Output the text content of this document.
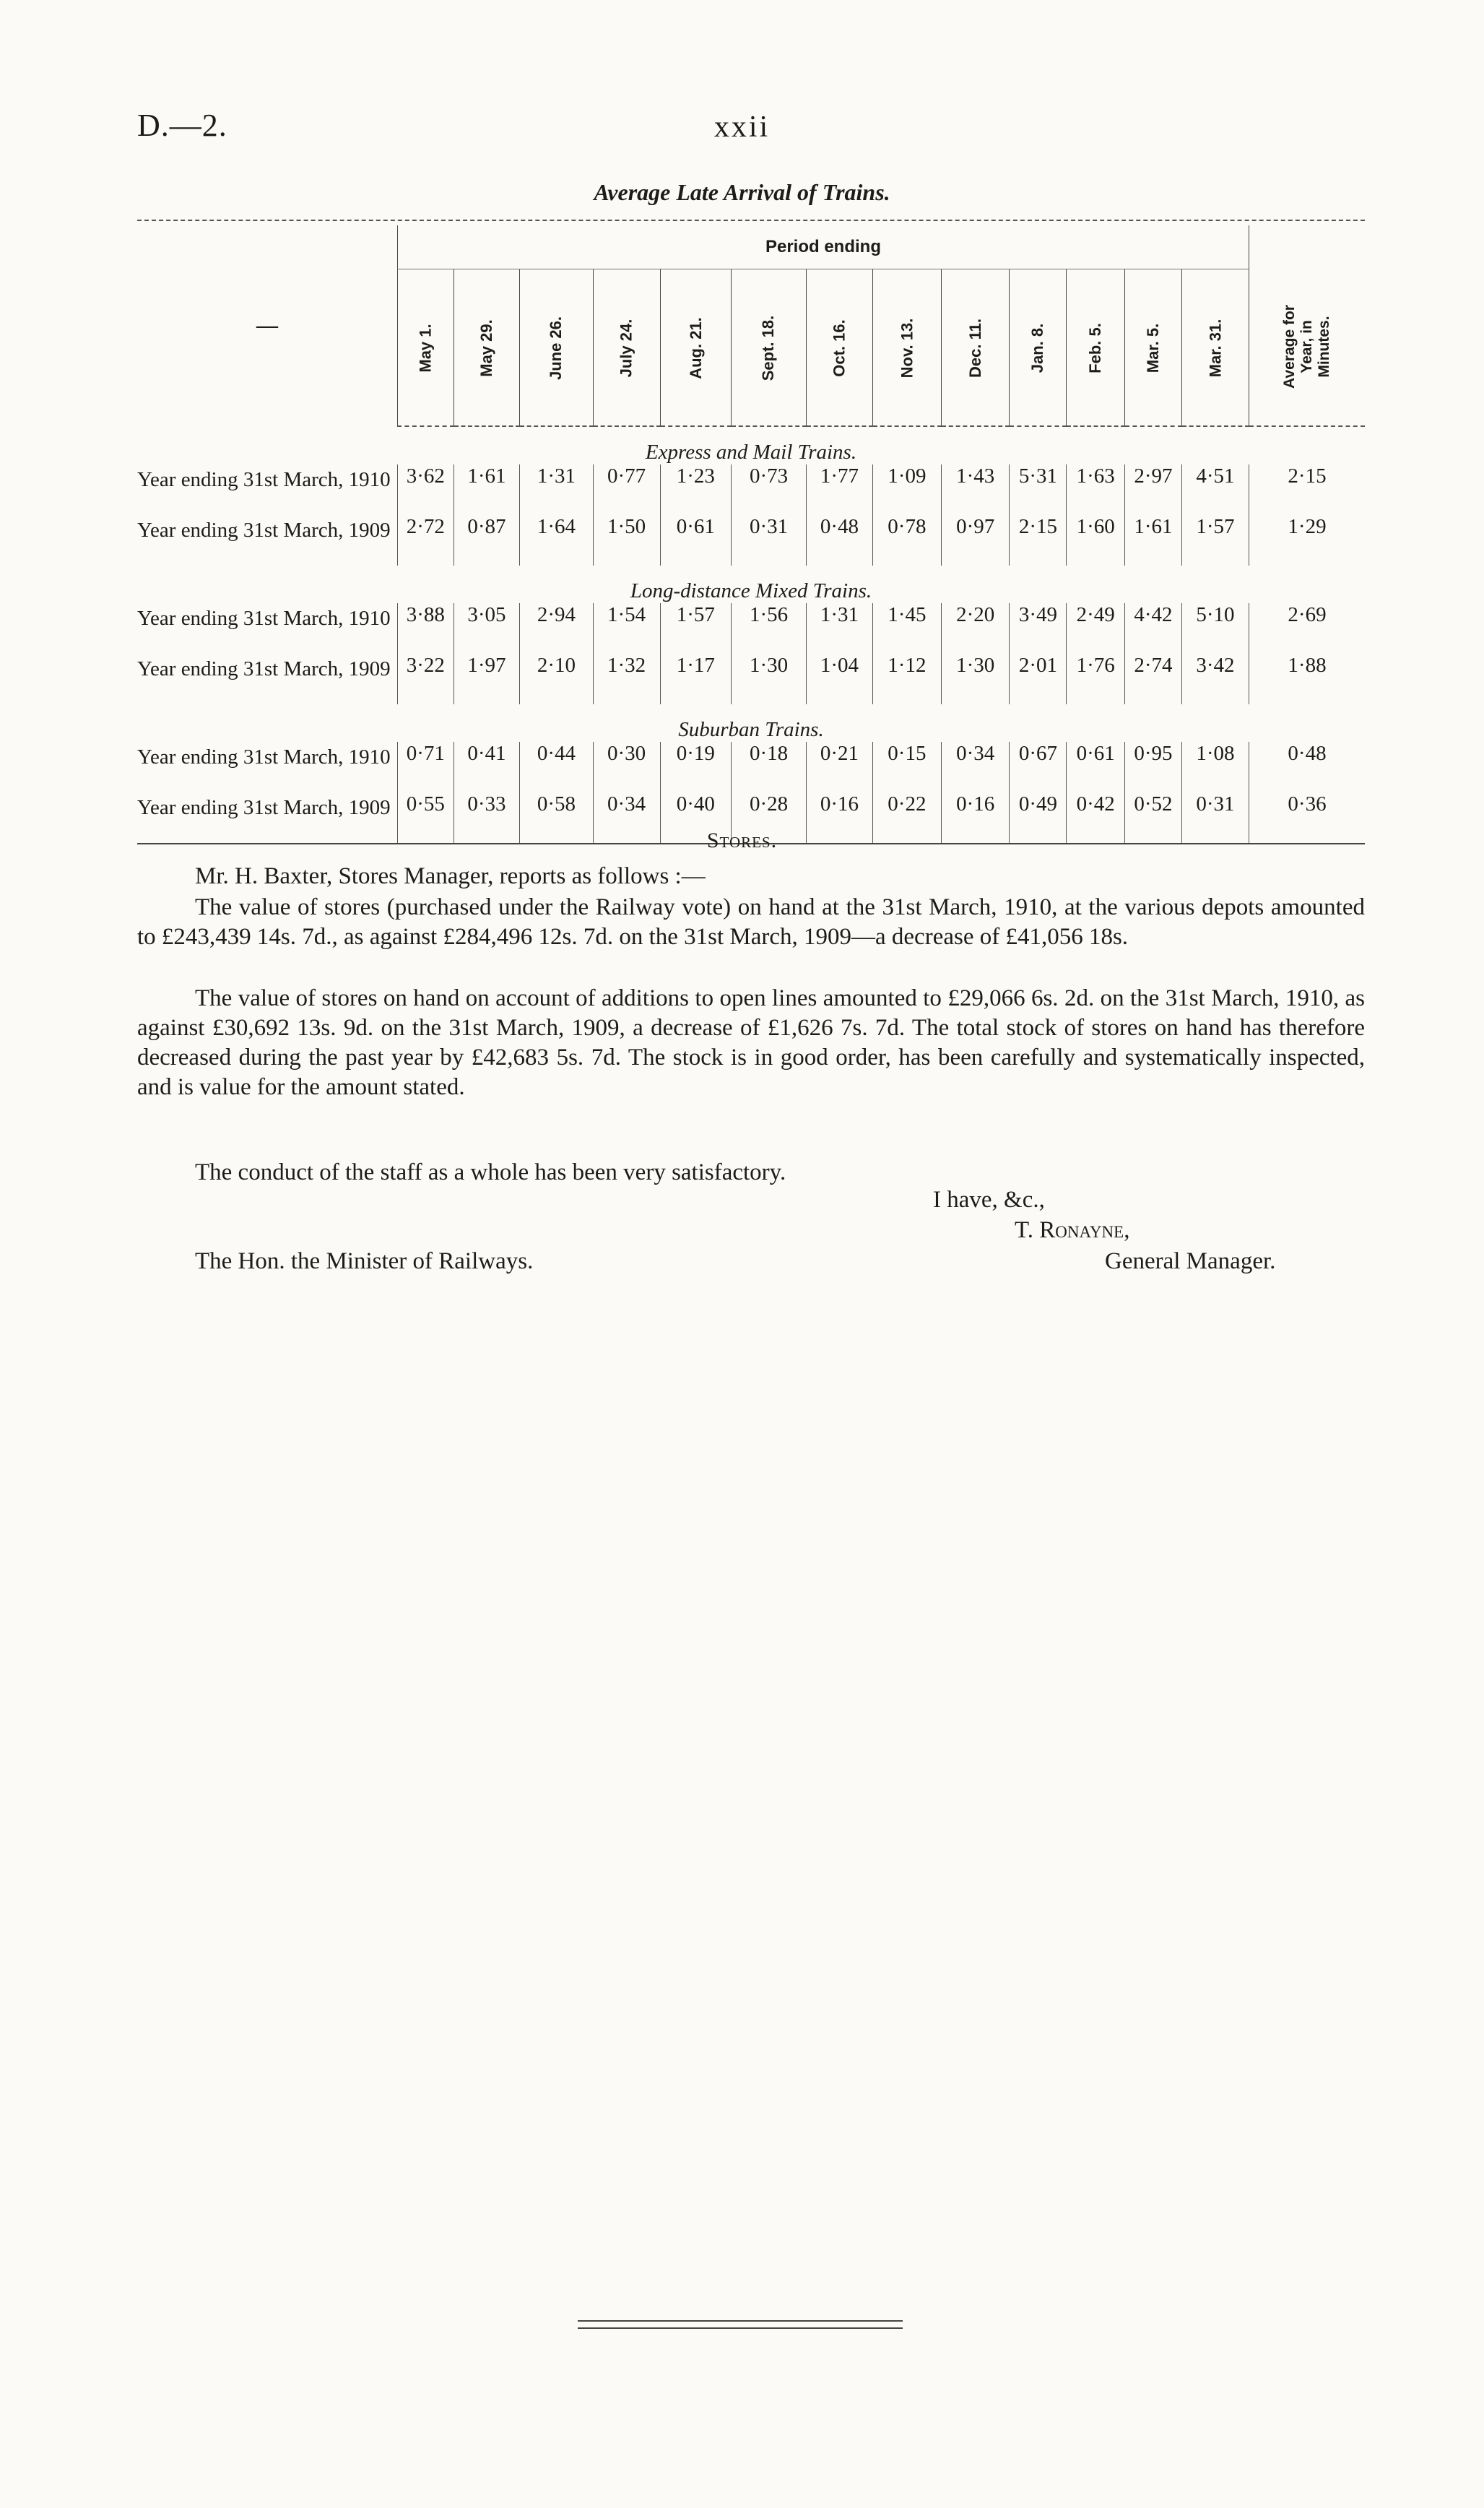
D.—2.	xxii
Average Late Arrival of Trains.
—	Period ending													
	May 1.	May 29.	June 26.	July 24.	Aug. 21.	Sept. 18.	Oct. 16.	Nov. 13.	Dec. 11.	Jan. 8.	Feb. 5.	Mar. 5.	Mar. 31.	Average for Year, in Minutes.
Express and Mail Trains.														
Year ending 31st March, 1910	3·62	1·61	1·31	0·77	1·23	0·73	1·77	1·09	1·43	5·31	1·63	2·97	4·51	2·15
Year ending 31st March, 1909	2·72	0·87	1·64	1·50	0·61	0·31	0·48	0·78	0·97	2·15	1·60	1·61	1·57	1·29
Long-distance Mixed Trains.														
Year ending 31st March, 1910	3·88	3·05	2·94	1·54	1·57	1·56	1·31	1·45	2·20	3·49	2·49	4·42	5·10	2·69
Year ending 31st March, 1909	3·22	1·97	2·10	1·32	1·17	1·30	1·04	1·12	1·30	2·01	1·76	2·74	3·42	1·88
Suburban Trains.														
Year ending 31st March, 1910	0·71	0·41	0·44	0·30	0·19	0·18	0·21	0·15	0·34	0·67	0·61	0·95	1·08	0·48
Year ending 31st March, 1909	0·55	0·33	0·58	0·34	0·40	0·28	0·16	0·22	0·16	0·49	0·42	0·52	0·31	0·36
Stores.
Mr. H. Baxter, Stores Manager, reports as follows :—
The value of stores (purchased under the Railway vote) on hand at the 31st March, 1910, at the various depots amounted to £243,439 14s. 7d., as against £284,496 12s. 7d. on the 31st March, 1909—a decrease of £41,056 18s.
The value of stores on hand on account of additions to open lines amounted to £29,066 6s. 2d. on the 31st March, 1910, as against £30,692 13s. 9d. on the 31st March, 1909, a decrease of £1,626 7s. 7d. The total stock of stores on hand has therefore decreased during the past year by £42,683 5s. 7d. The stock is in good order, has been carefully and systematically inspected, and is value for the amount stated.
The conduct of the staff as a whole has been very satisfactory.
I have, &c.,
T. Ronayne,
The Hon. the Minister of Railways.	General Manager.
